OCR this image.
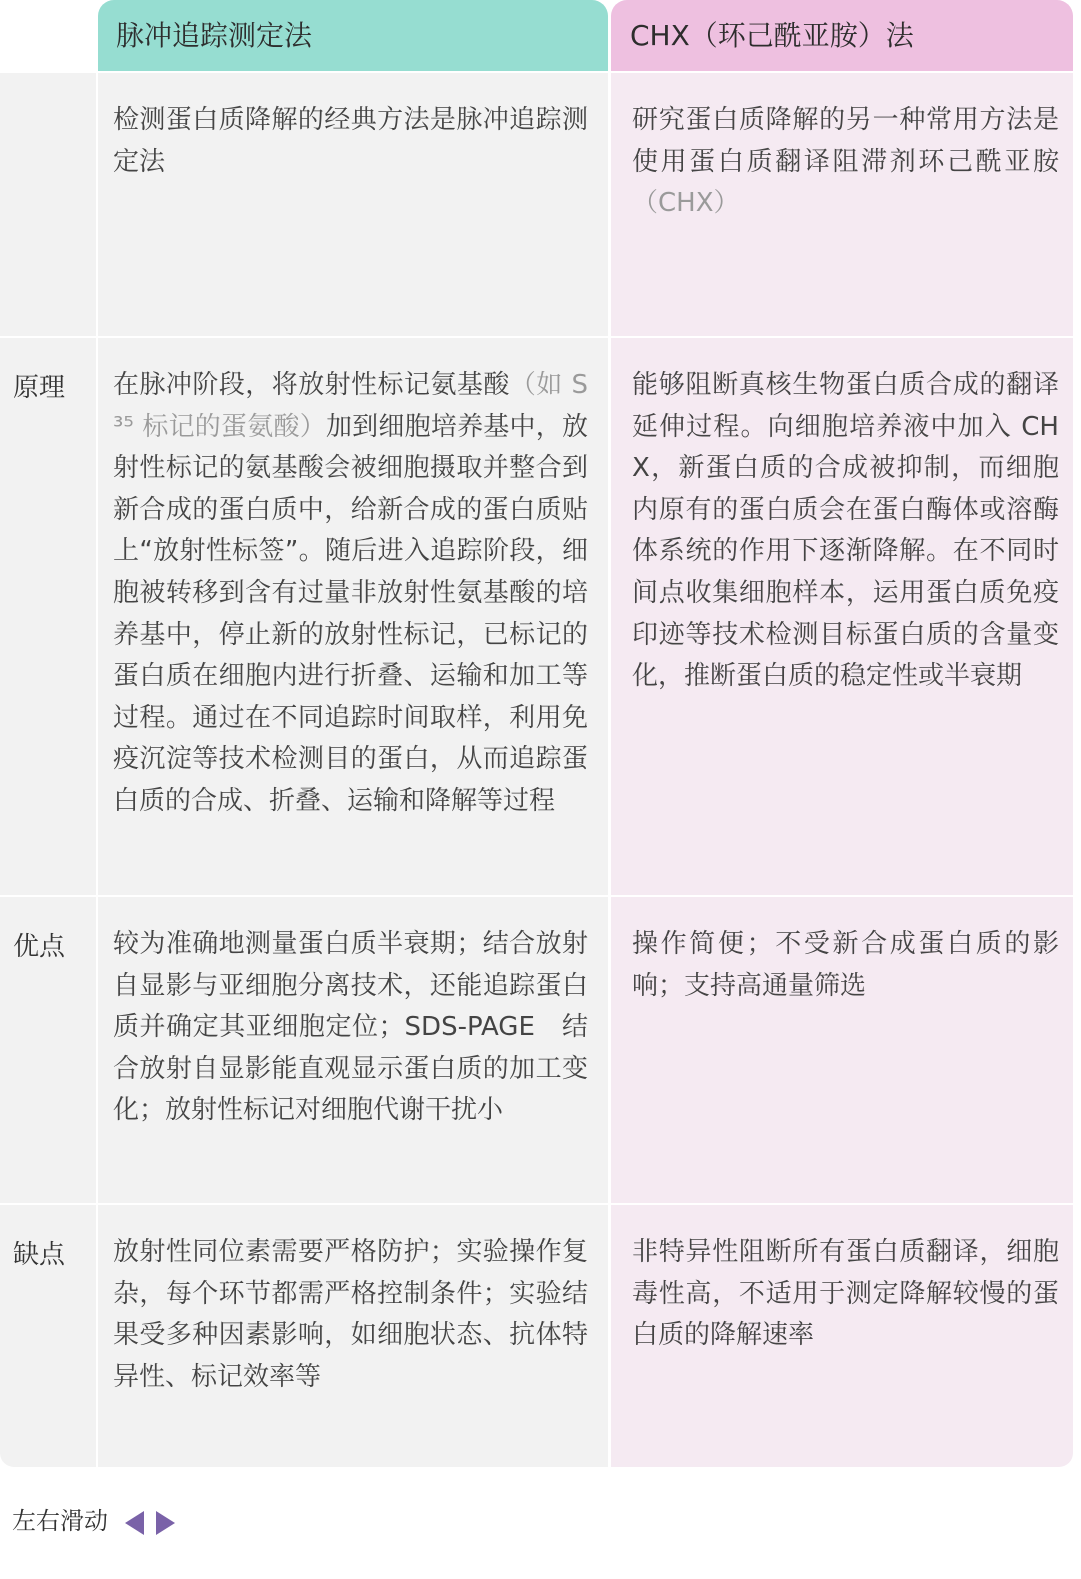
脉冲追踪测定法	CHX（环己酰亚胺）法
检测蛋白质降解的经典方法是脉冲追踪测定法
研究蛋白质降解的另一种常用方法是使用蛋白质翻译阻滞剂环己酰亚胺（CHX）
原理 在脉冲阶段，将放射性标记氨基酸（如 S³⁵ 标记的蛋氨酸）加到细胞培养基中，放射性标记的氨基酸会被细胞摄取并整合到新合成的蛋白质中，给新合成的蛋白质贴上“放射性标签”。随后进入追踪阶段，细胞被转移到含有过量非放射性氨基酸的培养基中，停止新的放射性标记，已标记的蛋白质在细胞内进行折叠、运输和加工等过程。通过在不同追踪时间取样，利用免疫沉淀等技术检测目的蛋白，从而追踪蛋白质的合成、折叠、运输和降解等过程
能够阻断真核生物蛋白质合成的翻译延伸过程。向细胞培养液中加入 CHX，新蛋白质的合成被抑制，而细胞内原有的蛋白质会在蛋白酶体或溶酶体系统的作用下逐渐降解。在不同时间点收集细胞样本，运用蛋白质免疫印迹等技术检测目标蛋白质的含量变化，推断蛋白质的稳定性或半衰期
优点 较为准确地测量蛋白质半衰期；结合放射自显影与亚细胞分离技术，还能追踪蛋白质并确定其亚细胞定位；SDS-PAGE　结合放射自显影能直观显示蛋白质的加工变化；放射性标记对细胞代谢干扰小
操作简便；不受新合成蛋白质的影响；支持高通量筛选
缺点 放射性同位素需要严格防护；实验操作复杂，每个环节都需严格控制条件；实验结果受多种因素影响，如细胞状态、抗体特异性、标记效率等
非特异性阻断所有蛋白质翻译，细胞毒性高，不适用于测定降解较慢的蛋白质的降解速率
左右滑动
